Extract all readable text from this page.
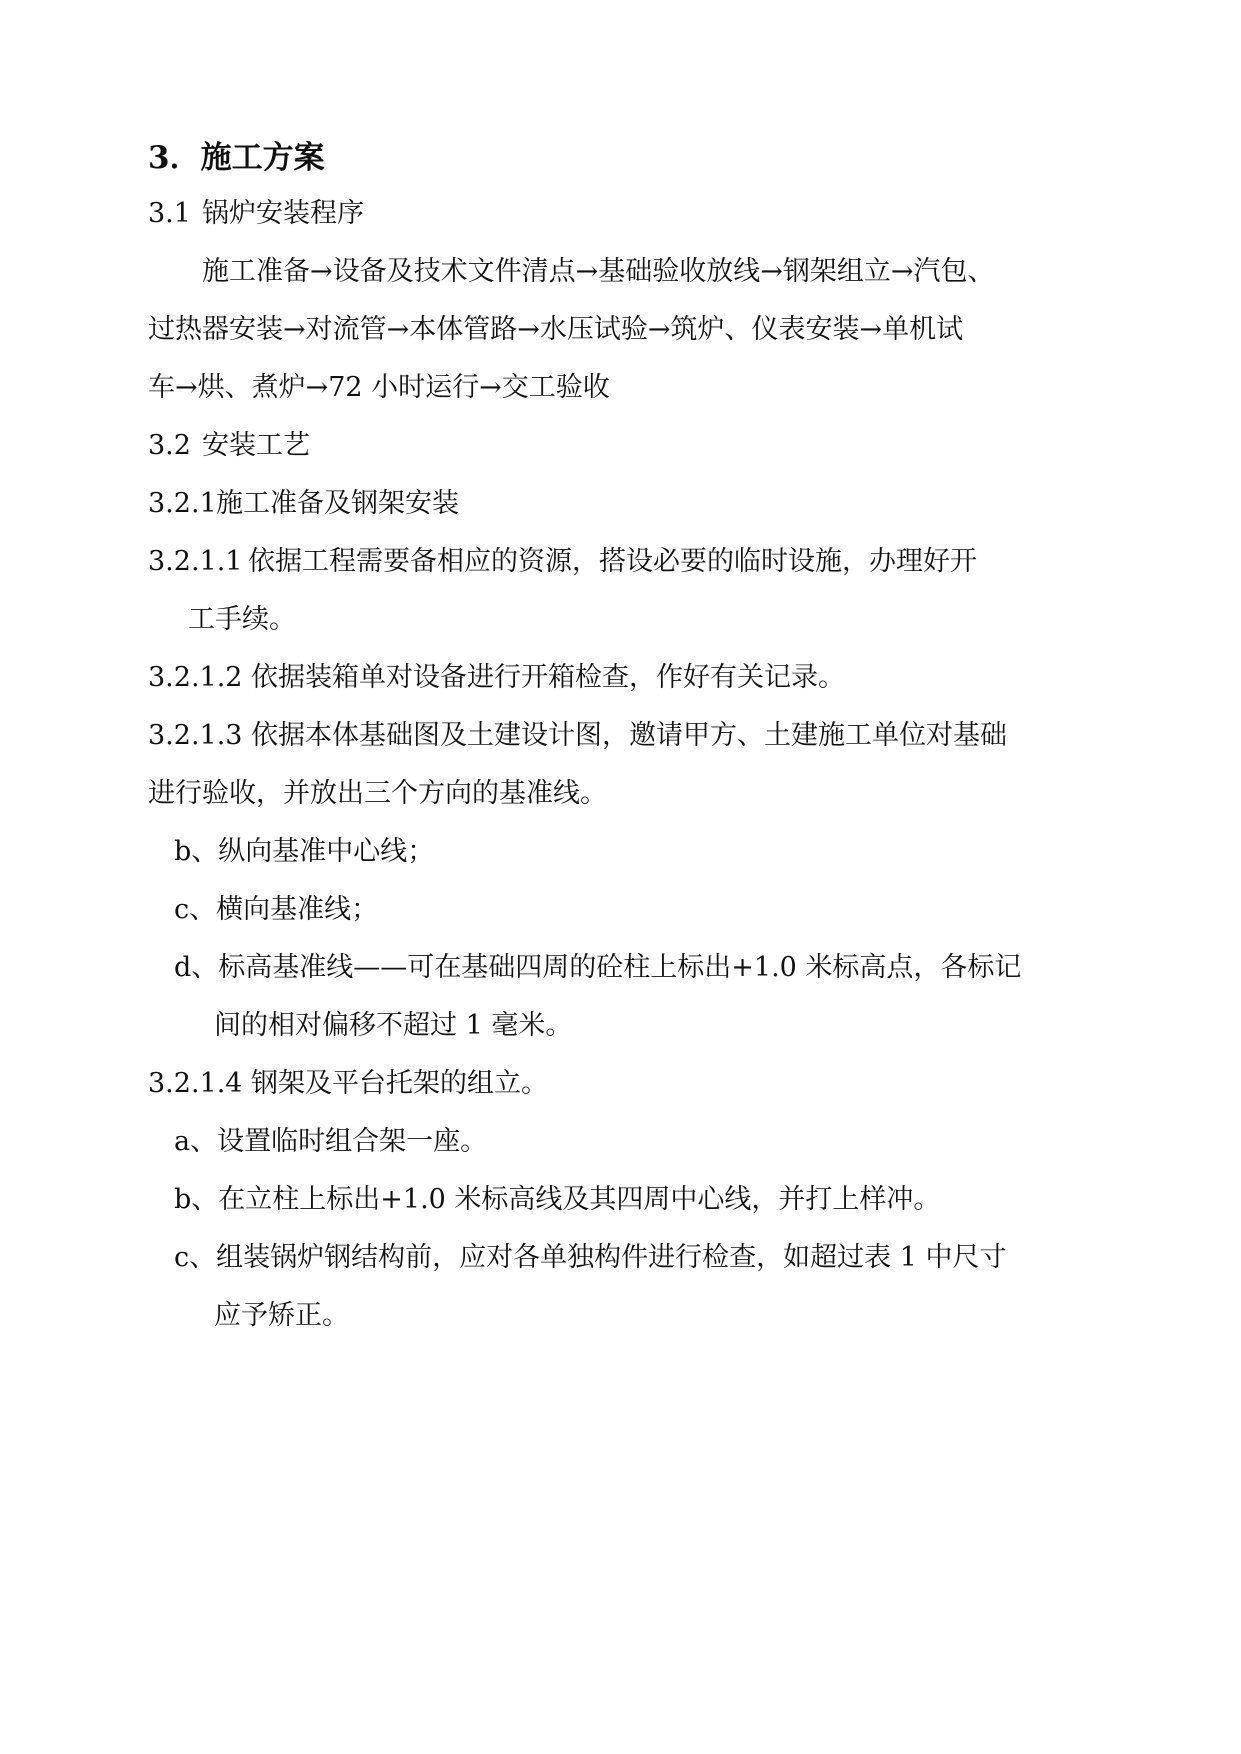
3．施工方案
3.1 锅炉安装程序
施工准备→设备及技术文件清点→基础验收放线→钢架组立→汽包、
过热器安装→对流管→本体管路→水压试验→筑炉、仪表安装→单机试
车→烘、煮炉→72 小时运行→交工验收
3.2 安装工艺
3.2.1施工准备及钢架安装
3.2.1.1 依据工程需要备相应的资源，搭设必要的临时设施，办理好开
工手续。
3.2.1.2 依据装箱单对设备进行开箱检查，作好有关记录。
3.2.1.3 依据本体基础图及土建设计图，邀请甲方、土建施工单位对基础
进行验收，并放出三个方向的基准线。
b、纵向基准中心线；
c、横向基准线；
d、标高基准线——可在基础四周的砼柱上标出+1.0 米标高点，各标记
间的相对偏移不超过 1 毫米。
3.2.1.4 钢架及平台托架的组立。
a、设置临时组合架一座。
b、在立柱上标出+1.0 米标高线及其四周中心线，并打上样冲。
c、组装锅炉钢结构前，应对各单独构件进行检查，如超过表 1 中尺寸
应予矫正。
